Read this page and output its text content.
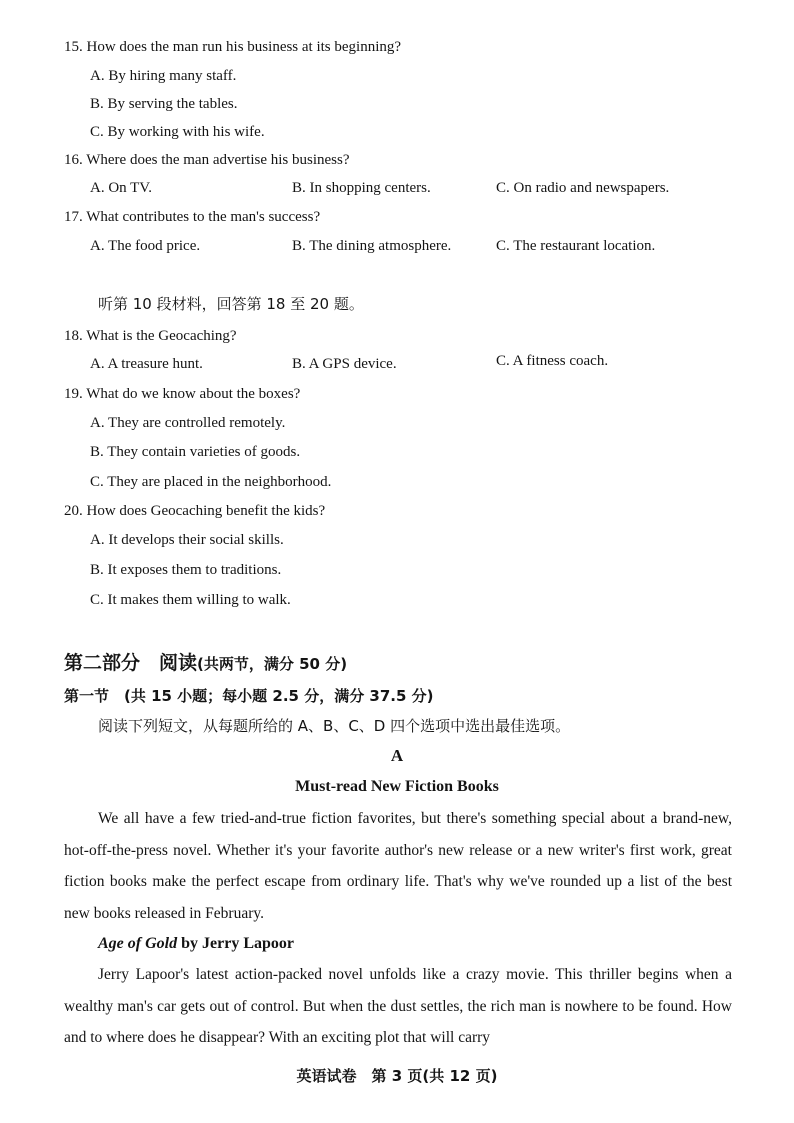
15. How does the man run his business at its beginning?
A. By hiring many staff.
B. By serving the tables.
C. By working with his wife.
16. Where does the man advertise his business?
A. On TV.	B. In shopping centers.	C. On radio and newspapers.
17. What contributes to the man's success?
A. The food price.	B. The dining atmosphere.	C. The restaurant location.
听第 10 段材料，回答第 18 至 20 题。
18. What is the Geocaching?
A. A treasure hunt.	B. A GPS device.	C. A fitness coach.
19. What do we know about the boxes?
A. They are controlled remotely.
B. They contain varieties of goods.
C. They are placed in the neighborhood.
20. How does Geocaching benefit the kids?
A. It develops their social skills.
B. It exposes them to traditions.
C. It makes them willing to walk.
第二部分　阅读(共两节，满分 50 分)
第一节　(共 15 小题；每小题 2.5 分，满分 37.5 分)
阅读下列短文，从每题所给的 A、B、C、D 四个选项中选出最佳选项。
A
Must-read New Fiction Books
We all have a few tried-and-true fiction favorites, but there's something special about a brand-new, hot-off-the-press novel. Whether it's your favorite author's new release or a new writer's first work, great fiction books make the perfect escape from ordinary life. That's why we've rounded up a list of the best new books released in February.
Age of Gold by Jerry Lapoor
Jerry Lapoor's latest action-packed novel unfolds like a crazy movie. This thriller begins when a wealthy man's car gets out of control. But when the dust settles, the rich man is nowhere to be found. How and to where does he disappear? With an exciting plot that will carry
英语试卷　第 3 页(共 12 页)
